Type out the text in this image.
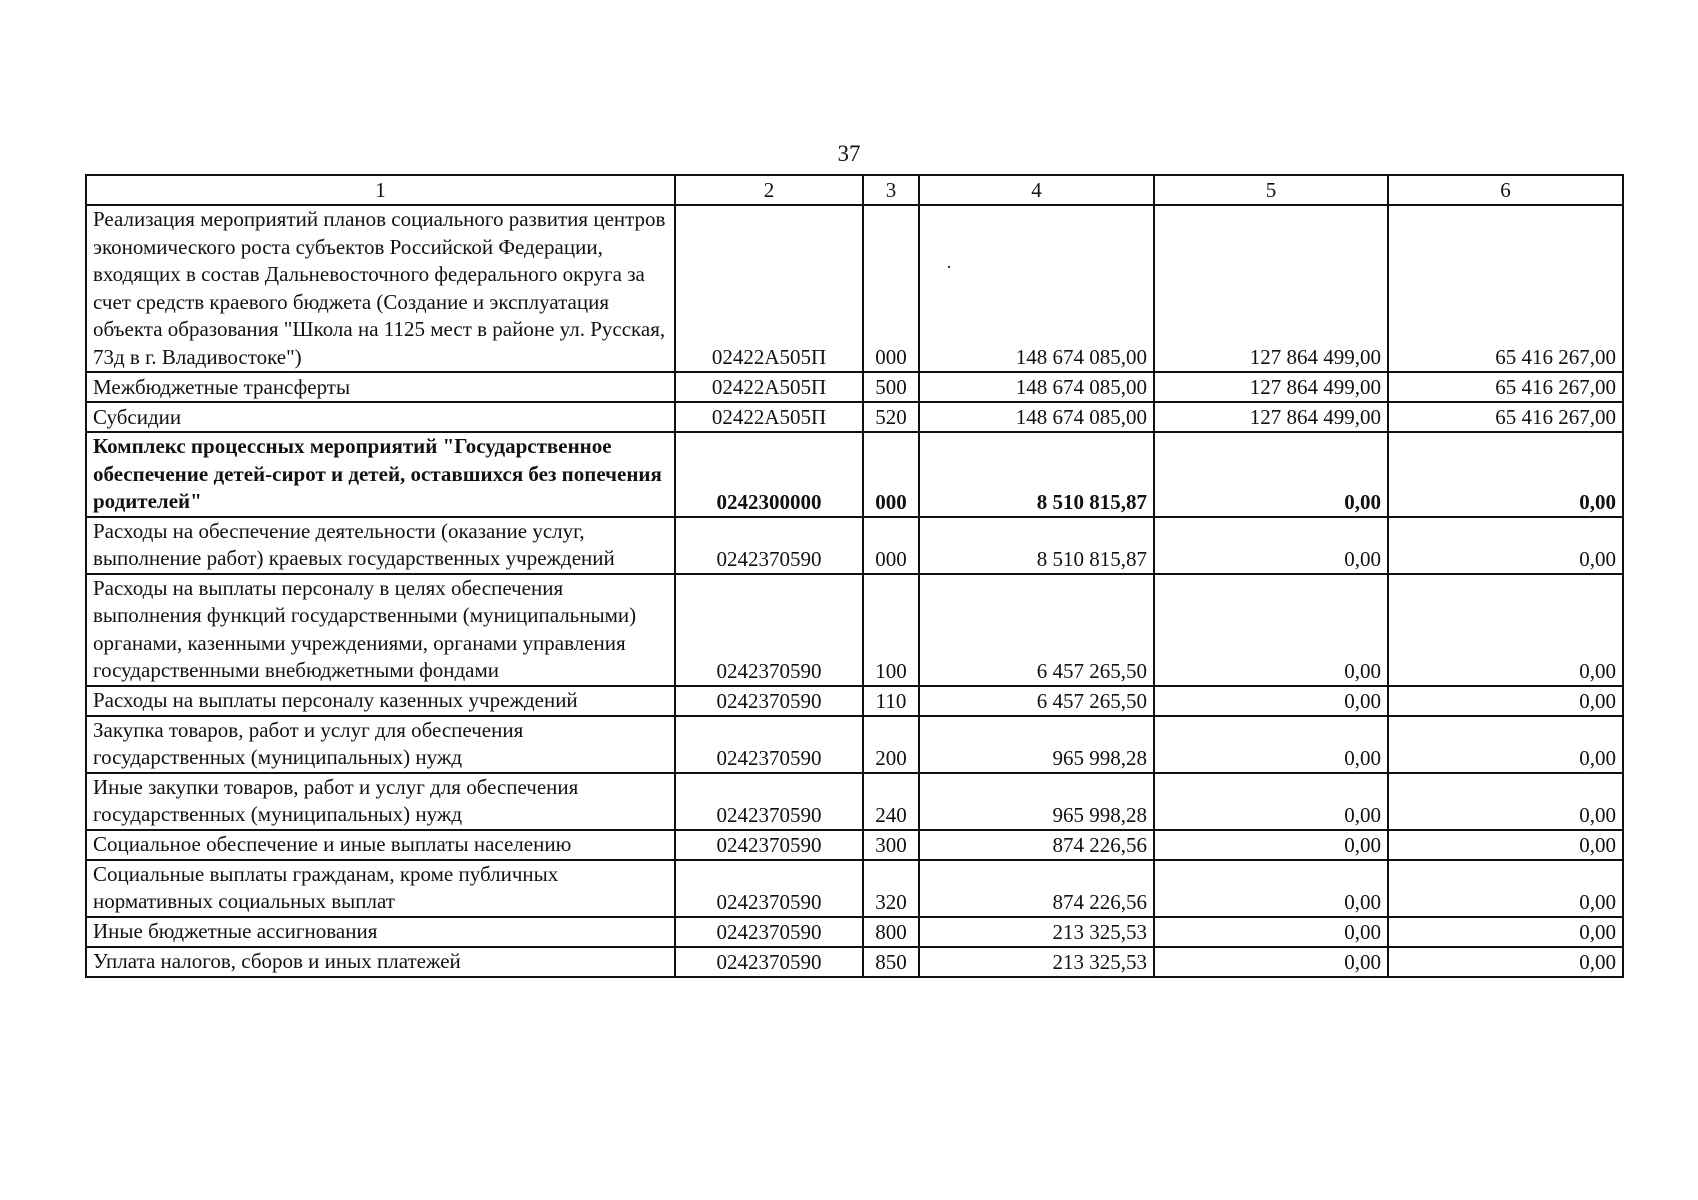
37
1	2	3	4	5	6
Реализация мероприятий планов социального развития центров экономического роста субъектов Российской Федерации, входящих в состав Дальневосточного федерального округа за счет средств краевого бюджета (Создание и эксплуатация объекта образования "Школа на 1125 мест в районе ул. Русская, 73д в г. Владивостоке")	02422А505П	000	148 674 085,00	127 864 499,00	65 416 267,00
Межбюджетные трансферты	02422А505П	500	148 674 085,00	127 864 499,00	65 416 267,00
Субсидии	02422А505П	520	148 674 085,00	127 864 499,00	65 416 267,00
Комплекс процессных мероприятий "Государственное обеспечение детей-сирот и детей, оставшихся без попечения родителей"	0242300000	000	8 510 815,87	0,00	0,00
Расходы на обеспечение деятельности (оказание услуг, выполнение работ) краевых государственных учреждений	0242370590	000	8 510 815,87	0,00	0,00
Расходы на выплаты персоналу в целях обеспечения выполнения функций государственными (муниципальными) органами, казенными учреждениями, органами управления государственными внебюджетными фондами	0242370590	100	6 457 265,50	0,00	0,00
Расходы на выплаты персоналу казенных учреждений	0242370590	110	6 457 265,50	0,00	0,00
Закупка товаров, работ и услуг для обеспечения государственных (муниципальных) нужд	0242370590	200	965 998,28	0,00	0,00
Иные закупки товаров, работ и услуг для обеспечения государственных (муниципальных) нужд	0242370590	240	965 998,28	0,00	0,00
Социальное обеспечение и иные выплаты населению	0242370590	300	874 226,56	0,00	0,00
Социальные выплаты гражданам, кроме публичных нормативных социальных выплат	0242370590	320	874 226,56	0,00	0,00
Иные бюджетные ассигнования	0242370590	800	213 325,53	0,00	0,00
Уплата налогов, сборов и иных платежей	0242370590	850	213 325,53	0,00	0,00
